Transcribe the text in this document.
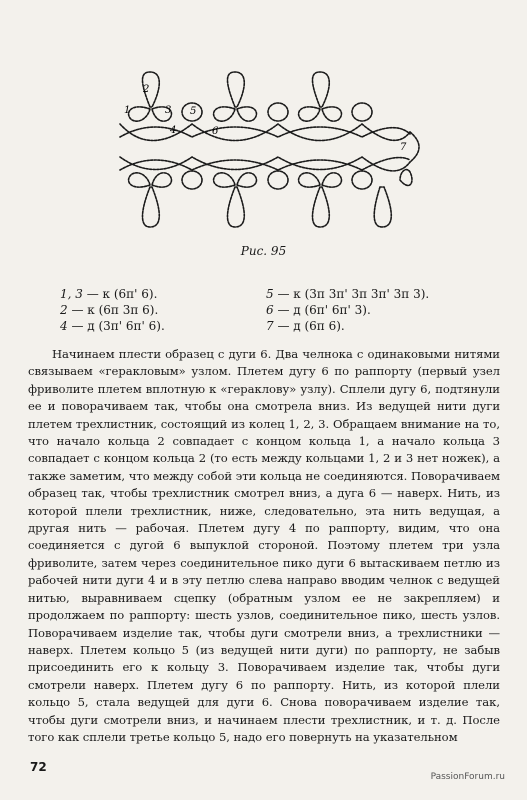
2
1	3 5
4	6
7
Рис. 95
1, 3 — к (6п' 6).
2 — к (6п 3п 6).
4 — д (3п' 6п' 6).
5 — к (3п 3п' 3п 3п' 3п 3).
6 — д (6п' 6п' 3).
7 — д (6п 6).

Начинаем плести образец с дуги 6. Два челнока с одинаковыми нитями связываем «геракловым» узлом. Плетем дугу 6 по раппорту (первый узел фриволите плетем вплотную к «гераклову» узлу). Сплели дугу 6, подтянули ее и поворачиваем так, чтобы она смотрела вниз. Из ведущей нити дуги плетем трехлистник, состоящий из колец 1, 2, 3. Обращаем внимание на то, что начало кольца 2 совпадает с концом кольца 1, а начало кольца 3 совпадает с концом кольца 2 (то есть между кольцами 1, 2 и 3 нет ножек), а также заметим, что между собой эти кольца не соединяются. Поворачиваем образец так, чтобы трехлистник смотрел вниз, а дуга 6 — наверх. Нить, из которой плели трехлистник, ниже, следовательно, эта нить ведущая, а другая нить — рабочая. Плетем дугу 4 по раппорту, видим, что она соединяется с дугой 6 выпуклой стороной. Поэтому плетем три узла фриволите, затем через соединительное пико дуги 6 вытаскиваем петлю из рабочей нити дуги 4 и в эту петлю слева направо вводим челнок с ведущей нитью, выравниваем сцепку (обратным узлом ее не закрепляем) и продолжаем по раппорту: шесть узлов, соединительное пико, шесть узлов. Поворачиваем изделие так, чтобы дуги смотрели вниз, а трехлистники — наверх. Плетем кольцо 5 (из ведущей нити дуги) по раппорту, не забыв присоединить его к кольцу 3. Поворачиваем изделие так, чтобы дуги смотрели наверх. Плетем дугу 6 по раппорту. Нить, из которой плели кольцо 5, стала ведущей для дуги 6. Снова поворачиваем изделие так, чтобы дуги смотрели вниз, и начинаем плести трехлистник, и т. д. После того как сплели третье кольцо 5, надо его повернуть на указательном

72
PassionForum.ru
